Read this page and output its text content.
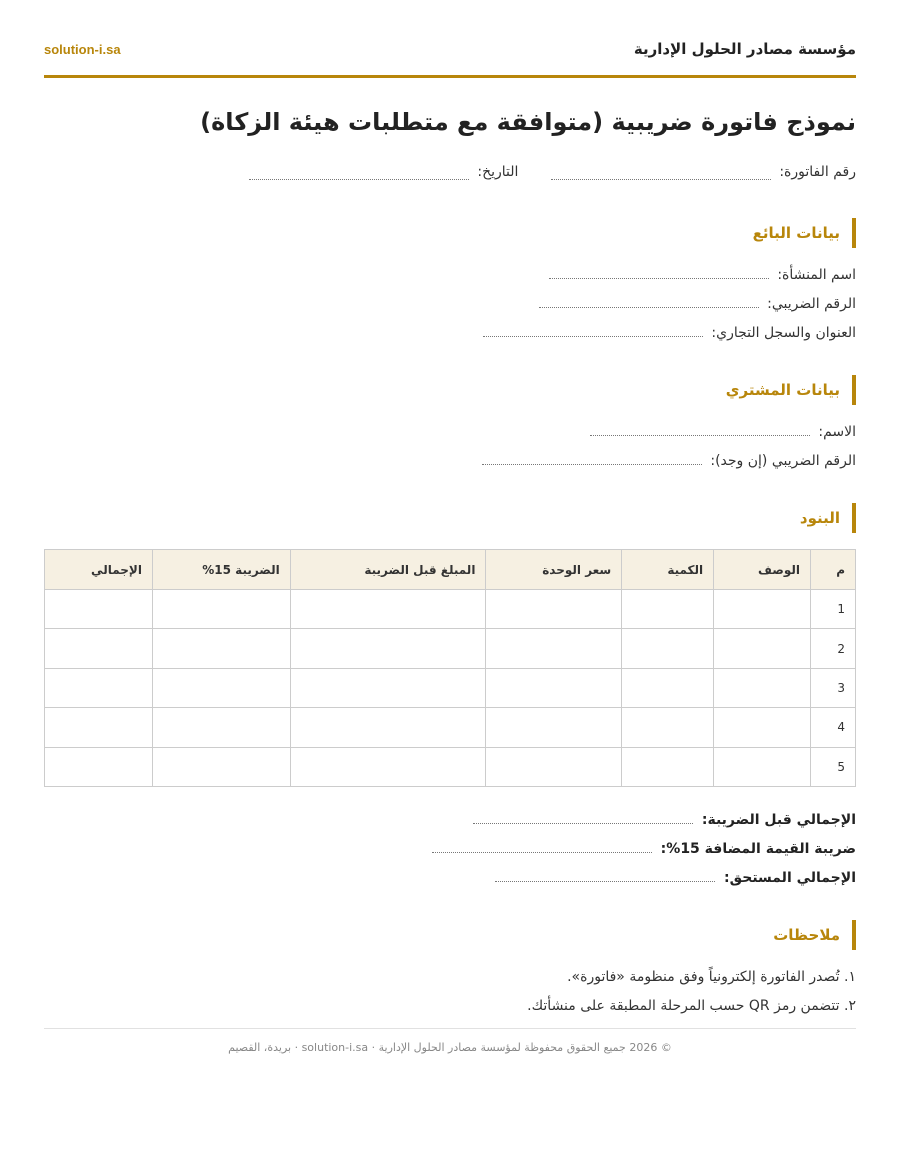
مؤسسة مصادر الحلول الإدارية
solution-i.sa
نموذج فاتورة ضريبية (متوافقة مع متطلبات هيئة الزكاة)
رقم الفاتورة:  التاريخ:
بيانات البائع
اسم المنشأة:
الرقم الضريبي:
العنوان والسجل التجاري:
بيانات المشتري
الاسم:
الرقم الضريبي (إن وجد):
البنود
م	الوصف	الكمية	سعر الوحدة	المبلغ قبل الضريبة	الضريبة 15%	الإجمالي
1						
2						
3						
4						
5						
الإجمالي قبل الضريبة:
ضريبة القيمة المضافة 15%:
الإجمالي المستحق:
ملاحظات
١. تُصدر الفاتورة إلكترونياً وفق منظومة «فاتورة».
٢. تتضمن رمز QR حسب المرحلة المطبقة على منشأتك.
© 2026 جميع الحقوق محفوظة لمؤسسة مصادر الحلول الإدارية · solution-i.sa · بريدة، القصيم
